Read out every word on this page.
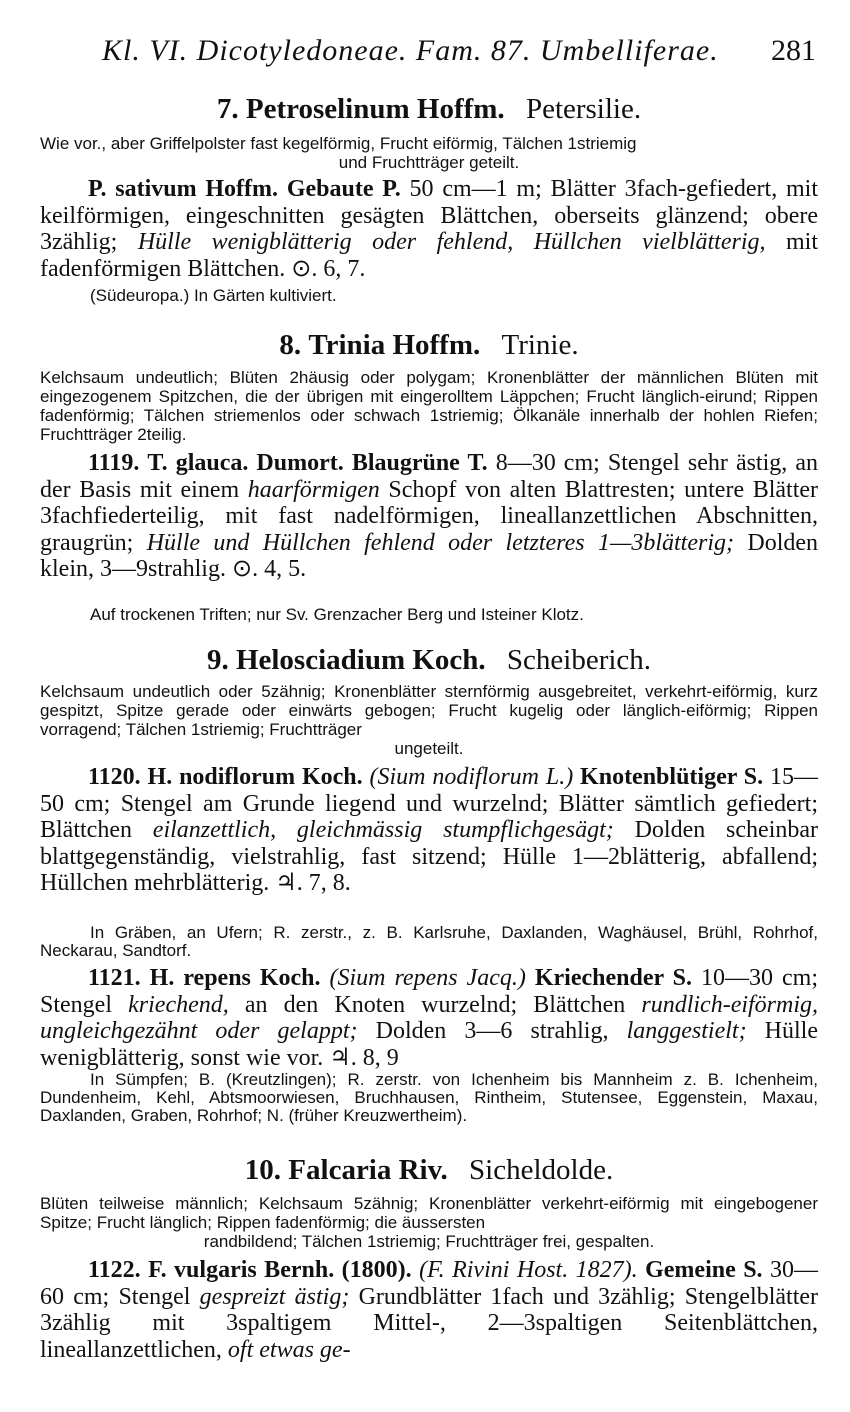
Kl. VI. Dicotyledoneae. Fam. 87. Umbelliferae. 281
7. Petroselinum Hoffm. Petersilie.
Wie vor., aber Griffelpolster fast kegelförmig, Frucht eiförmig, Tälchen 1striemig
und Fruchtträger geteilt.
P. sativum Hoffm. Gebaute P. 50 cm—1 m; Blätter 3fach-gefiedert, mit keilförmigen, eingeschnitten gesägten Blättchen, oberseits glänzend; obere 3zählig; Hülle wenigblätterig oder fehlend, Hüllchen vielblätterig, mit fadenförmigen Blättchen. ⊙. 6, 7.
(Südeuropa.) In Gärten kultiviert.
8. Trinia Hoffm. Trinie.
Kelchsaum undeutlich; Blüten 2häusig oder polygam; Kronenblätter der männlichen Blüten mit eingezogenem Spitzchen, die der übrigen mit eingerolltem Läppchen; Frucht länglich-eirund; Rippen fadenförmig; Tälchen striemenlos oder schwach 1striemig; Ölkanäle innerhalb der hohlen Riefen; Fruchtträger 2teilig.
1119. T. glauca. Dumort. Blaugrüne T. 8—30 cm; Stengel sehr ästig, an der Basis mit einem haarförmigen Schopf von alten Blattresten; untere Blätter 3fachfiederteilig, mit fast nadelförmigen, lineallanzettlichen Abschnitten, graugrün; Hülle und Hüllchen fehlend oder letzteres 1—3blätterig; Dolden klein, 3—9strahlig. ⊙. 4, 5.
Auf trockenen Triften; nur Sv. Grenzacher Berg und Isteiner Klotz.
9. Helosciadium Koch. Scheiberich.
Kelchsaum undeutlich oder 5zähnig; Kronenblätter sternförmig ausgebreitet, verkehrt-eiförmig, kurz gespitzt, Spitze gerade oder einwärts gebogen; Frucht kugelig oder länglich-eiförmig; Rippen vorragend; Tälchen 1striemig; Fruchtträger
ungeteilt.
1120. H. nodiflorum Koch. (Sium nodiflorum L.) Knotenblütiger S. 15—50 cm; Stengel am Grunde liegend und wurzelnd; Blätter sämtlich gefiedert; Blättchen eilanzettlich, gleichmässig stumpflichgesägt; Dolden scheinbar blattgegenständig, vielstrahlig, fast sitzend; Hülle 1—2blätterig, abfallend; Hüllchen mehrblätterig. ♃. 7, 8.
In Gräben, an Ufern; R. zerstr., z. B. Karlsruhe, Daxlanden, Waghäusel, Brühl, Rohrhof, Neckarau, Sandtorf.
1121. H. repens Koch. (Sium repens Jacq.) Kriechender S. 10—30 cm; Stengel kriechend, an den Knoten wurzelnd; Blättchen rundlich-eiförmig, ungleichgezähnt oder gelappt; Dolden 3—6 strahlig, langgestielt; Hülle wenigblätterig, sonst wie vor. ♃. 8, 9
In Sümpfen; B. (Kreutzlingen); R. zerstr. von Ichenheim bis Mannheim z. B. Ichenheim, Dundenheim, Kehl, Abtsmoorwiesen, Bruchhausen, Rintheim, Stutensee, Eggenstein, Maxau, Daxlanden, Graben, Rohrhof; N. (früher Kreuzwertheim).
10. Falcaria Riv. Sicheldolde.
Blüten teilweise männlich; Kelchsaum 5zähnig; Kronenblätter verkehrt-eiförmig mit eingebogener Spitze; Frucht länglich; Rippen fadenförmig; die äussersten
randbildend; Tälchen 1striemig; Fruchtträger frei, gespalten.
1122. F. vulgaris Bernh. (1800). (F. Rivini Host. 1827). Gemeine S. 30—60 cm; Stengel gespreizt ästig; Grundblätter 1fach und 3zählig; Stengelblätter 3zählig mit 3spaltigem Mittel-, 2—3spaltigen Seitenblättchen, lineallanzettlichen, oft etwas ge-
